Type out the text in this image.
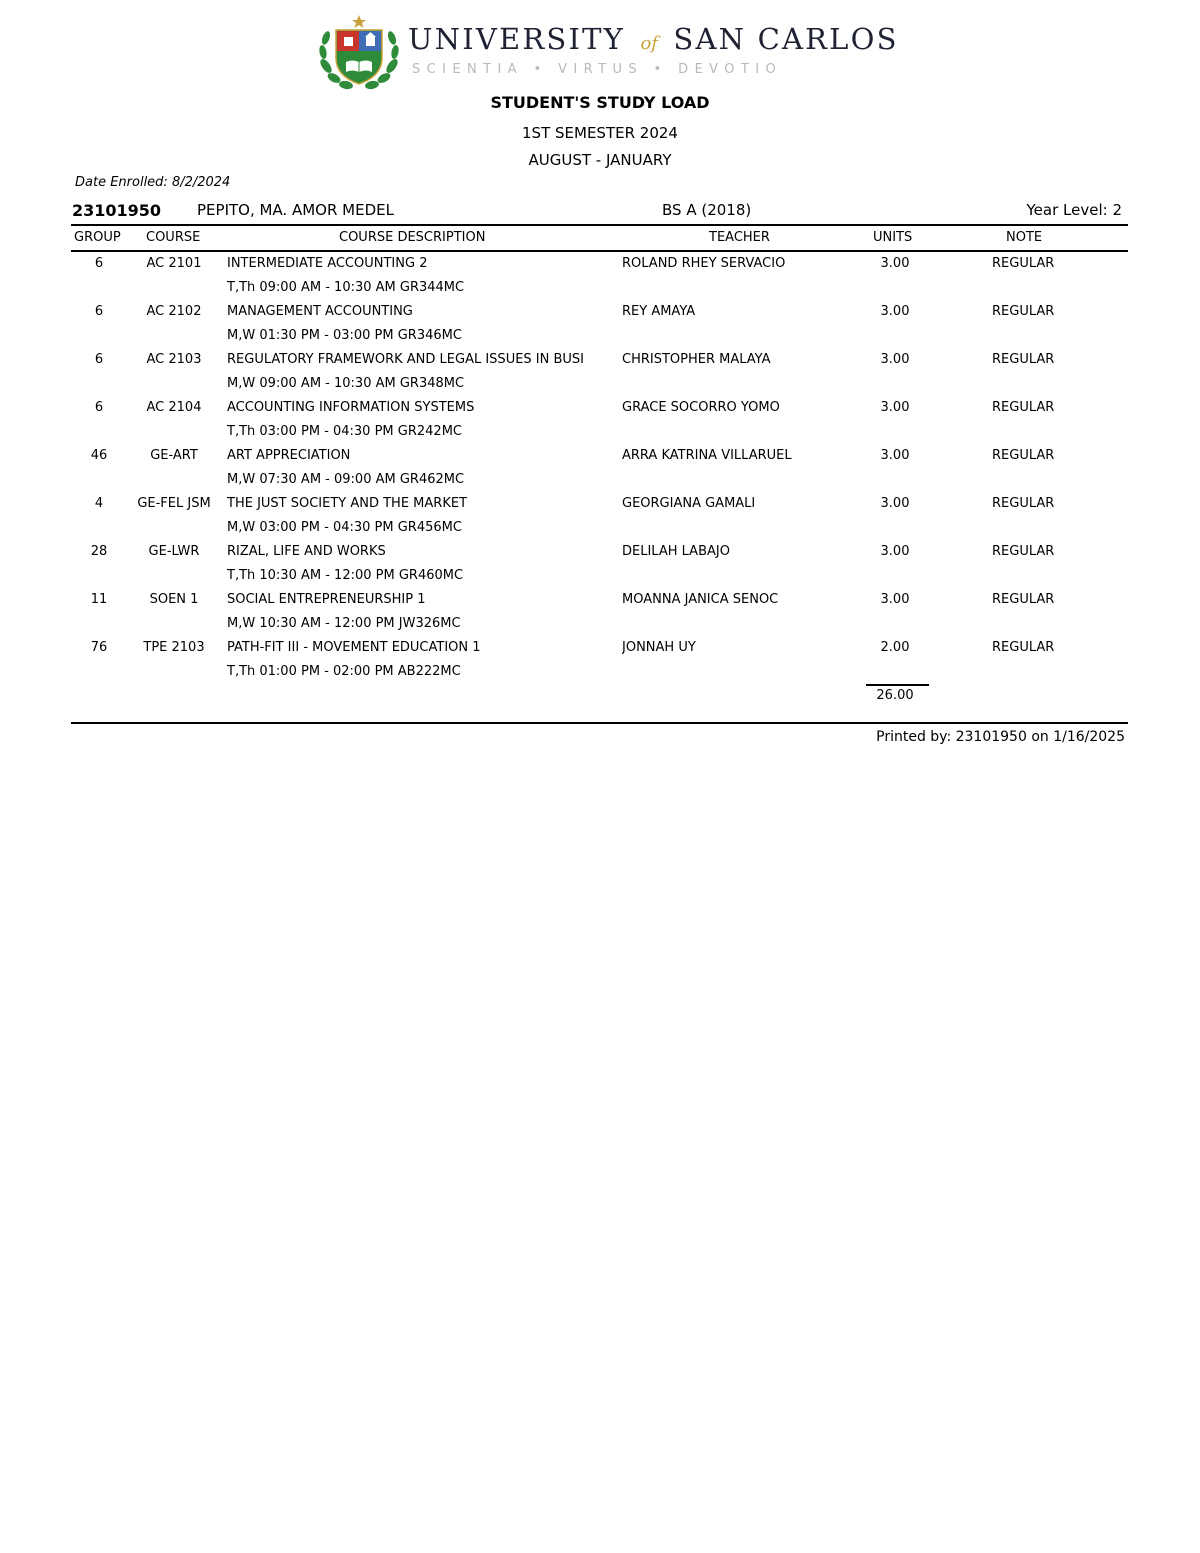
UNIVERSITY of SAN CARLOS
SCIENTIA • VIRTUS • DEVOTIO
STUDENT'S STUDY LOAD
1ST SEMESTER 2024
AUGUST - JANUARY
Date Enrolled: 8/2/2024
23101950 PEPITO, MA. AMOR MEDEL	BS A (2018)	Year Level: 2
GROUP COURSE	COURSE DESCRIPTION	TEACHER	UNITS	NOTE
6	AC 2101	INTERMEDIATE ACCOUNTING 2	ROLAND RHEY SERVACIO	3.00	REGULAR
T,Th 09:00 AM - 10:30 AM GR344MC
6	AC 2102	MANAGEMENT ACCOUNTING	REY AMAYA	3.00	REGULAR
M,W 01:30 PM - 03:00 PM GR346MC
6	AC 2103	REGULATORY FRAMEWORK AND LEGAL ISSUES IN BUSI	CHRISTOPHER MALAYA	3.00	REGULAR
M,W 09:00 AM - 10:30 AM GR348MC
6	AC 2104	ACCOUNTING INFORMATION SYSTEMS	GRACE SOCORRO YOMO	3.00	REGULAR
T,Th 03:00 PM - 04:30 PM GR242MC
46	GE-ART	ART APPRECIATION	ARRA KATRINA VILLARUEL	3.00	REGULAR
M,W 07:30 AM - 09:00 AM GR462MC
4	GE-FEL JSM	THE JUST SOCIETY AND THE MARKET	GEORGIANA GAMALI	3.00	REGULAR
M,W 03:00 PM - 04:30 PM GR456MC
28	GE-LWR	RIZAL, LIFE AND WORKS	DELILAH LABAJO	3.00	REGULAR
T,Th 10:30 AM - 12:00 PM GR460MC
11	SOEN 1	SOCIAL ENTREPRENEURSHIP 1	MOANNA JANICA SENOC	3.00	REGULAR
M,W 10:30 AM - 12:00 PM JW326MC
76	TPE 2103	PATH-FIT III - MOVEMENT EDUCATION 1	JONNAH UY	2.00	REGULAR
T,Th 01:00 PM - 02:00 PM AB222MC
26.00
Printed by: 23101950 on 1/16/2025
